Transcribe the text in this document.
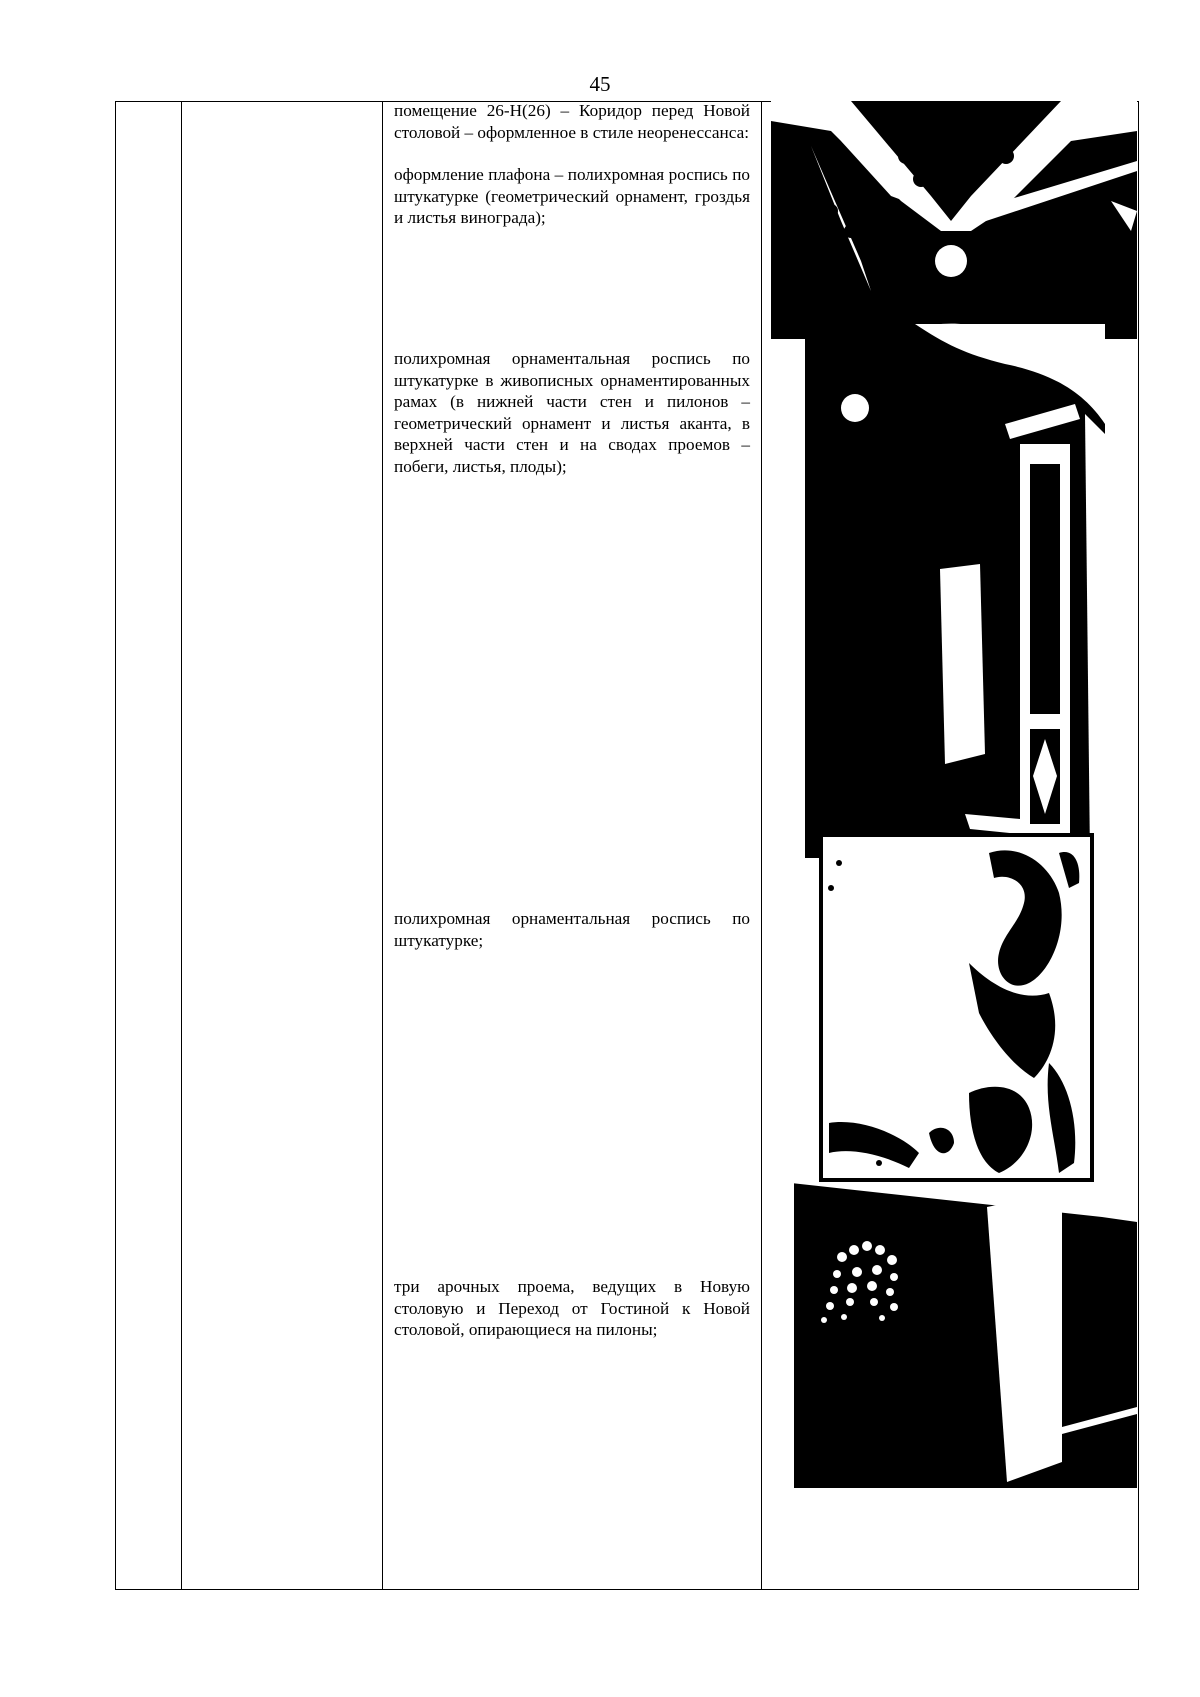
45

помещение 26-Н(26) – Коридор перед Новой столовой – оформленное в стиле неоренессанса:

оформление плафона – полихромная роспись по штукатурке (геометрический орнамент, гроздья и листья винограда);

полихромная орнаментальная роспись по штукатурке в живописных орнаментированных рамах (в нижней части стен и пилонов – геометрический орнамент и листья аканта, в верхней части стен и на сводах проемов – побеги, листья, плоды);

полихромная орнаментальная роспись по штукатурке;

три арочных проема, ведущих в Новую столовую и Переход от Гостиной к Новой столовой, опирающиеся на пилоны;
